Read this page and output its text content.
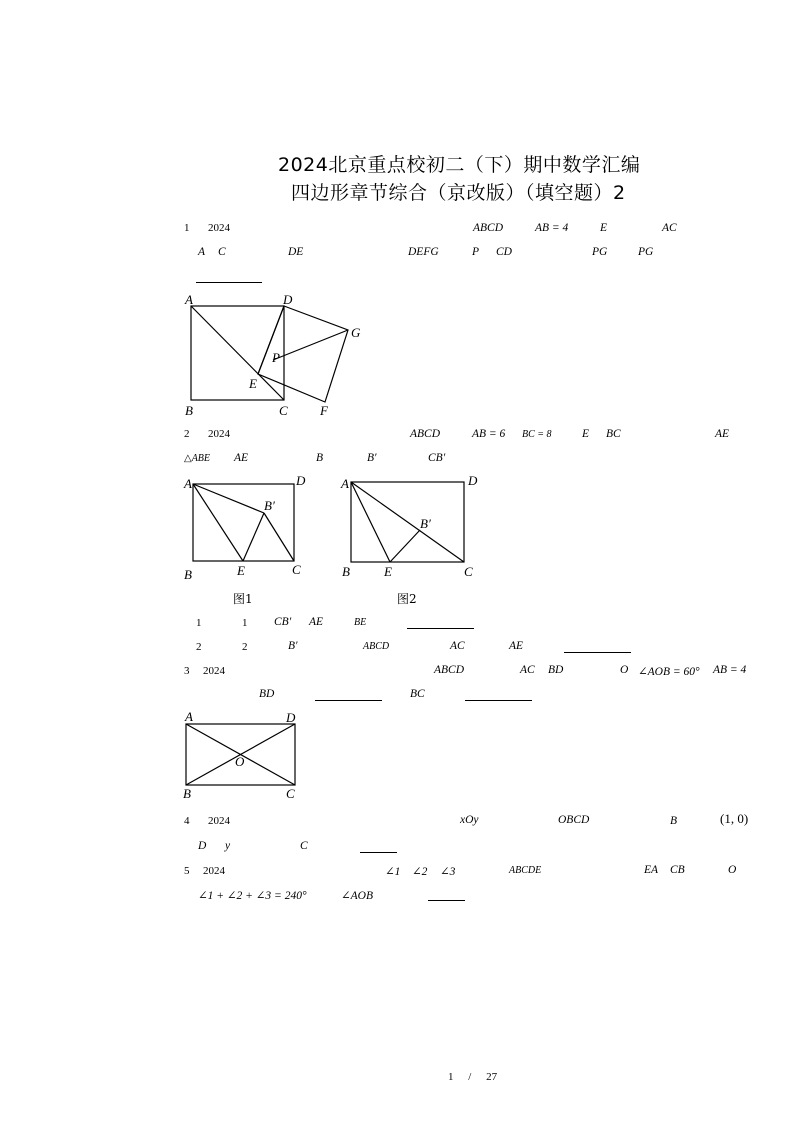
2024北京重点校初二（下）期中数学汇编
四边形章节综合（京改版）（填空题）2
1 2024	ABCD	AB = 4	E	AC
A C	DE	DEFG	P CD	PG	PG
A	D
G
P
E
B	C F
2 2024	ABCD	AB = 6 BC = 8	E BC	AE
△ABE AE	B	B′	CB′
A	D
B′
B	E	C
图1
A	D
B′
B	E	C
图2
1	1 CB′ AE	BE
2	2	B′	ABCD	AC	AE
3 2024	ABCD	AC BD	O ∠AOB = 60° AB = 4
BD	BC
A	D
O
B	C
4 2024	xOy	OBCD	B	(1, 0)
D y	C
5 2024	∠1 ∠2 ∠3	ABCDE	EA CB	O
∠1 + ∠2 + ∠3 = 240°	∠AOB
1 / 27
